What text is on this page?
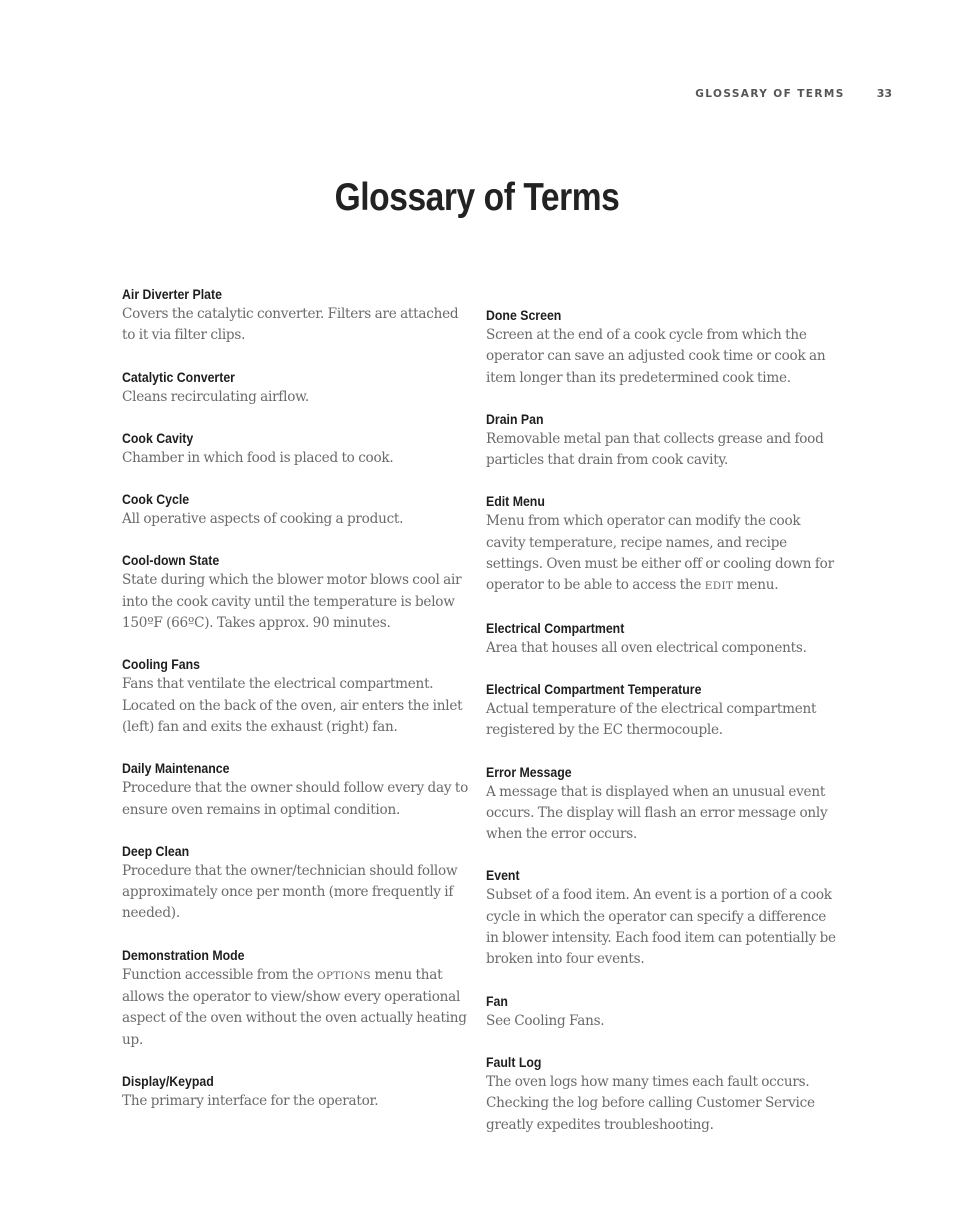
GLOSSARY OF TERMS	33
Glossary of Terms
Air Diverter Plate
Covers the catalytic converter. Filters are attached to it via filter clips.
Catalytic Converter
Cleans recirculating airflow.
Cook Cavity
Chamber in which food is placed to cook.
Cook Cycle
All operative aspects of cooking a product.
Cool-down State
State during which the blower motor blows cool air into the cook cavity until the temperature is below 150ºF (66ºC). Takes approx. 90 minutes.
Cooling Fans
Fans that ventilate the electrical compartment. Located on the back of the oven, air enters the inlet (left) fan and exits the exhaust (right) fan.
Daily Maintenance
Procedure that the owner should follow every day to ensure oven remains in optimal condition.
Deep Clean
Procedure that the owner/technician should follow approximately once per month (more frequently if needed).
Demonstration Mode
Function accessible from the OPTIONS menu that allows the operator to view/show every operational aspect of the oven without the oven actually heating up.
Display/Keypad
The primary interface for the operator.
Done Screen
Screen at the end of a cook cycle from which the operator can save an adjusted cook time or cook an item longer than its predetermined cook time.
Drain Pan
Removable metal pan that collects grease and food particles that drain from cook cavity.
Edit Menu
Menu from which operator can modify the cook cavity temperature, recipe names, and recipe settings. Oven must be either off or cooling down for operator to be able to access the EDIT menu.
Electrical Compartment
Area that houses all oven electrical components.
Electrical Compartment Temperature
Actual temperature of the electrical compartment registered by the EC thermocouple.
Error Message
A message that is displayed when an unusual event occurs. The display will flash an error message only when the error occurs.
Event
Subset of a food item. An event is a portion of a cook cycle in which the operator can specify a difference in blower intensity. Each food item can potentially be broken into four events.
Fan
See Cooling Fans.
Fault Log
The oven logs how many times each fault occurs. Checking the log before calling Customer Service greatly expedites troubleshooting.
